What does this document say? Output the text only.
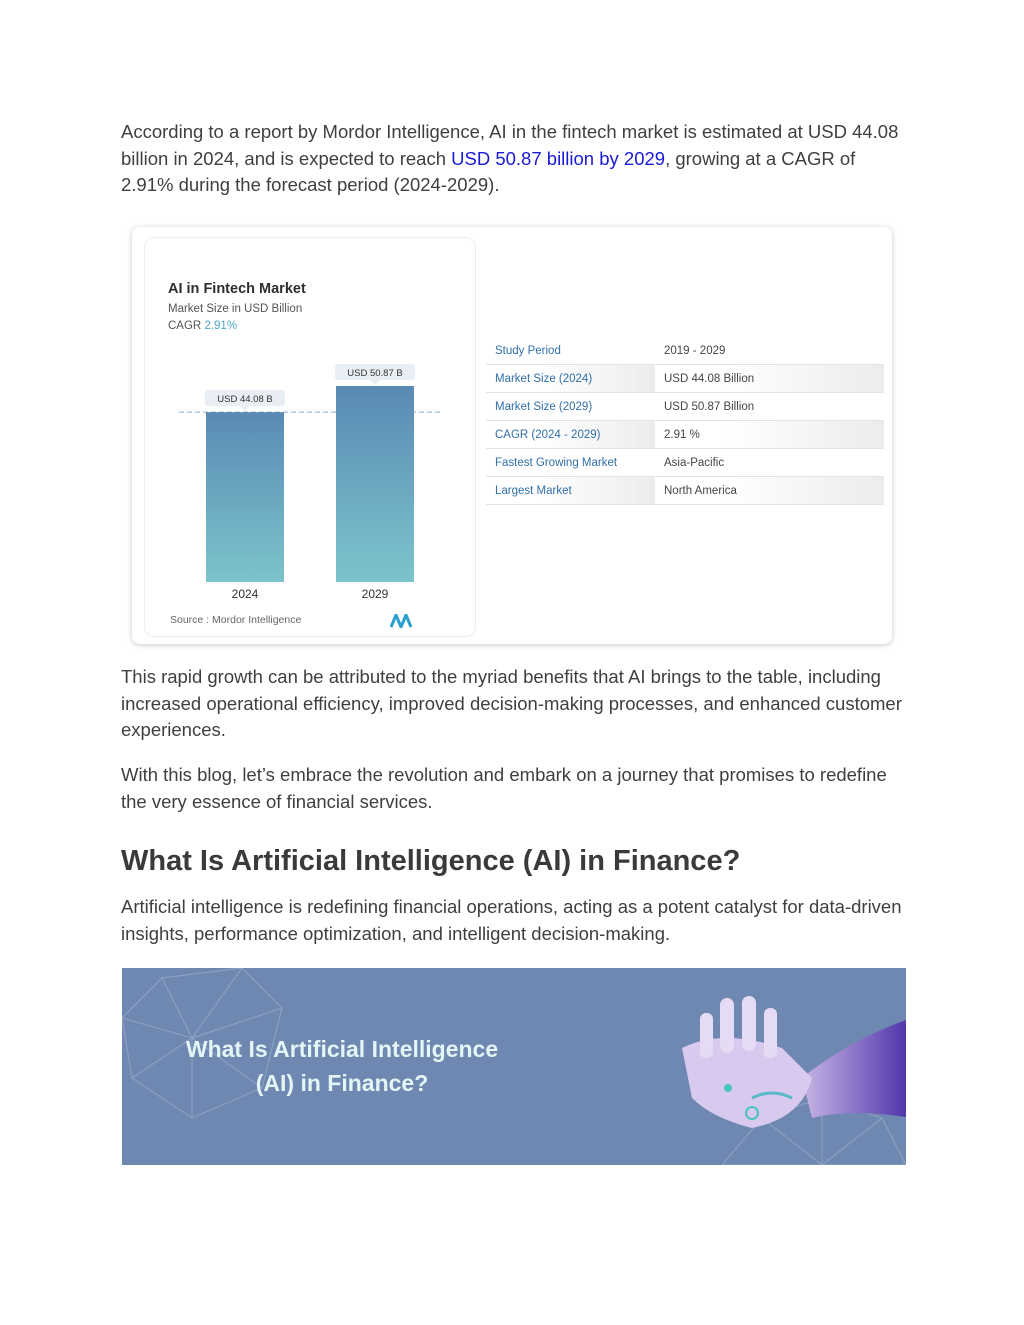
According to a report by Mordor Intelligence, AI in the fintech market is estimated at USD 44.08 billion in 2024, and is expected to reach USD 50.87 billion by 2029, growing at a CAGR of 2.91% during the forecast period (2024-2029).

AI in Fintech Market

Market Size in USD Billion

CAGR 2.91%

USD 44.08 B
2024
USD 50.87 B
2029

Source : Mordor Intelligence

Study Period	2019 - 2029
Market Size (2024)	USD 44.08 Billion
Market Size (2029)	USD 50.87 Billion
CAGR (2024 - 2029)	2.91 %
Fastest Growing Market	Asia-Pacific
Largest Market	North America

This rapid growth can be attributed to the myriad benefits that AI brings to the table, including increased operational efficiency, improved decision-making processes, and enhanced customer experiences.

With this blog, let’s embrace the revolution and embark on a journey that promises to redefine the very essence of financial services.

What Is Artificial Intelligence (AI) in Finance?

Artificial intelligence is redefining financial operations, acting as a potent catalyst for data-driven insights, performance optimization, and intelligent decision-making.

What Is Artificial Intelligence
(AI) in Finance?
